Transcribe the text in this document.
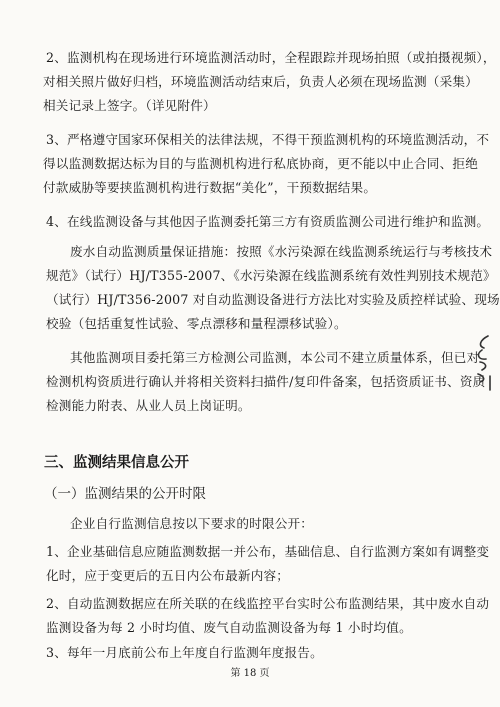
2、监测机构在现场进行环境监测活动时，全程跟踪并现场拍照（或拍摄视频），
对相关照片做好归档，环境监测活动结束后，负责人必须在现场监测（采集）
相关记录上签字。（详见附件）
3、严格遵守国家环保相关的法律法规，不得干预监测机构的环境监测活动，不
得以监测数据达标为目的与监测机构进行私底协商，更不能以中止合同、拒绝
付款威胁等要挟监测机构进行数据“美化”，干预数据结果。
4、在线监测设备与其他因子监测委托第三方有资质监测公司进行维护和监测。
废水自动监测质量保证措施：按照《水污染源在线监测系统运行与考核技术
规范》（试行）HJ/T355-2007、《水污染源在线监测系统有效性判别技术规范》
（试行）HJ/T356-2007 对自动监测设备进行方法比对实验及质控样试验、现场
校验（包括重复性试验、零点漂移和量程漂移试验）。
其他监测项目委托第三方检测公司监测，本公司不建立质量体系，但已对
检测机构资质进行确认并将相关资料扫描件/复印件备案，包括资质证书、资质
检测能力附表、从业人员上岗证明。
三、监测结果信息公开
（一）监测结果的公开时限
企业自行监测信息按以下要求的时限公开：
1、企业基础信息应随监测数据一并公布，基础信息、自行监测方案如有调整变
化时，应于变更后的五日内公布最新内容；
2、自动监测数据应在所关联的在线监控平台实时公布监测结果，其中废水自动
监测设备为每 2 小时均值、废气自动监测设备为每 1 小时均值。
3、每年一月底前公布上年度自行监测年度报告。
第 18 页
